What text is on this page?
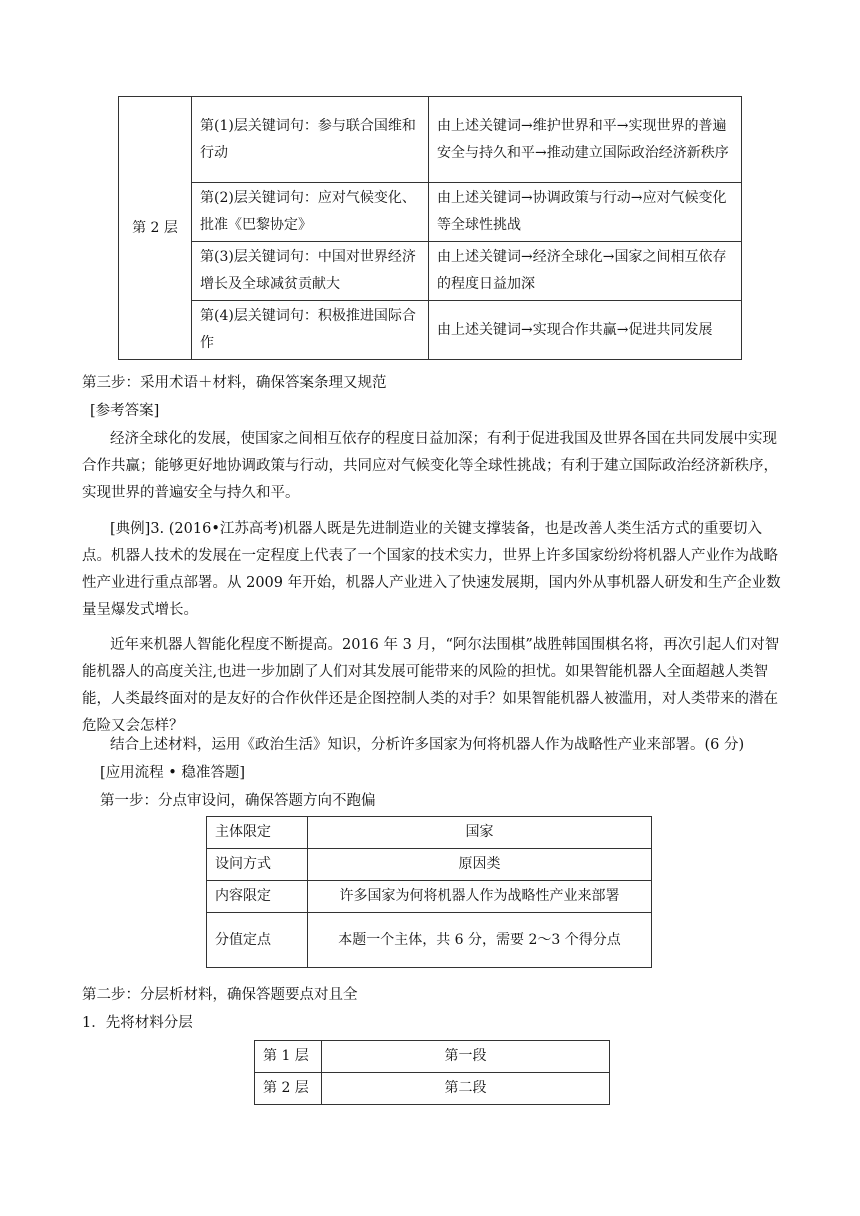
第 2 层	第(1)层关键词句：参与联合国维和行动	由上述关键词→维护世界和平→实现世界的普遍安全与持久和平→推动建立国际政治经济新秩序
	第(2)层关键词句：应对气候变化、批准《巴黎协定》	由上述关键词→协调政策与行动→应对气候变化等全球性挑战
	第(3)层关键词句：中国对世界经济增长及全球减贫贡献大	由上述关键词→经济全球化→国家之间相互依存的程度日益加深
	第(4)层关键词句：积极推进国际合作	由上述关键词→实现合作共赢→促进共同发展
第三步：采用术语＋材料，确保答案条理又规范
[参考答案]
经济全球化的发展，使国家之间相互依存的程度日益加深；有利于促进我国及世界各国在共同发展中实现合作共赢；能够更好地协调政策与行动，共同应对气候变化等全球性挑战；有利于建立国际政治经济新秩序，实现世界的普遍安全与持久和平。
[典例]3. (2016•江苏高考)机器人既是先进制造业的关键支撑装备，也是改善人类生活方式的重要切入点。机器人技术的发展在一定程度上代表了一个国家的技术实力，世界上许多国家纷纷将机器人产业作为战略性产业进行重点部署。从 2009 年开始，机器人产业进入了快速发展期，国内外从事机器人研发和生产企业数量呈爆发式增长。
近年来机器人智能化程度不断提高。2016 年 3 月，“阿尔法围棋”战胜韩国围棋名将，再次引起人们对智能机器人的高度关注,也进一步加剧了人们对其发展可能带来的风险的担忧。如果智能机器人全面超越人类智能，人类最终面对的是友好的合作伙伴还是企图控制人类的对手？如果智能机器人被滥用，对人类带来的潜在危险又会怎样？
结合上述材料，运用《政治生活》知识，分析许多国家为何将机器人作为战略性产业来部署。(6 分)
[应用流程 • 稳准答题]
第一步：分点审设问，确保答题方向不跑偏
主体限定	国家
设问方式	原因类
内容限定	许多国家为何将机器人作为战略性产业来部署
分值定点	本题一个主体，共 6 分，需要 2～3 个得分点
第二步：分层析材料，确保答题要点对且全
1．先将材料分层
第 1 层	第一段
第 2 层	第二段
